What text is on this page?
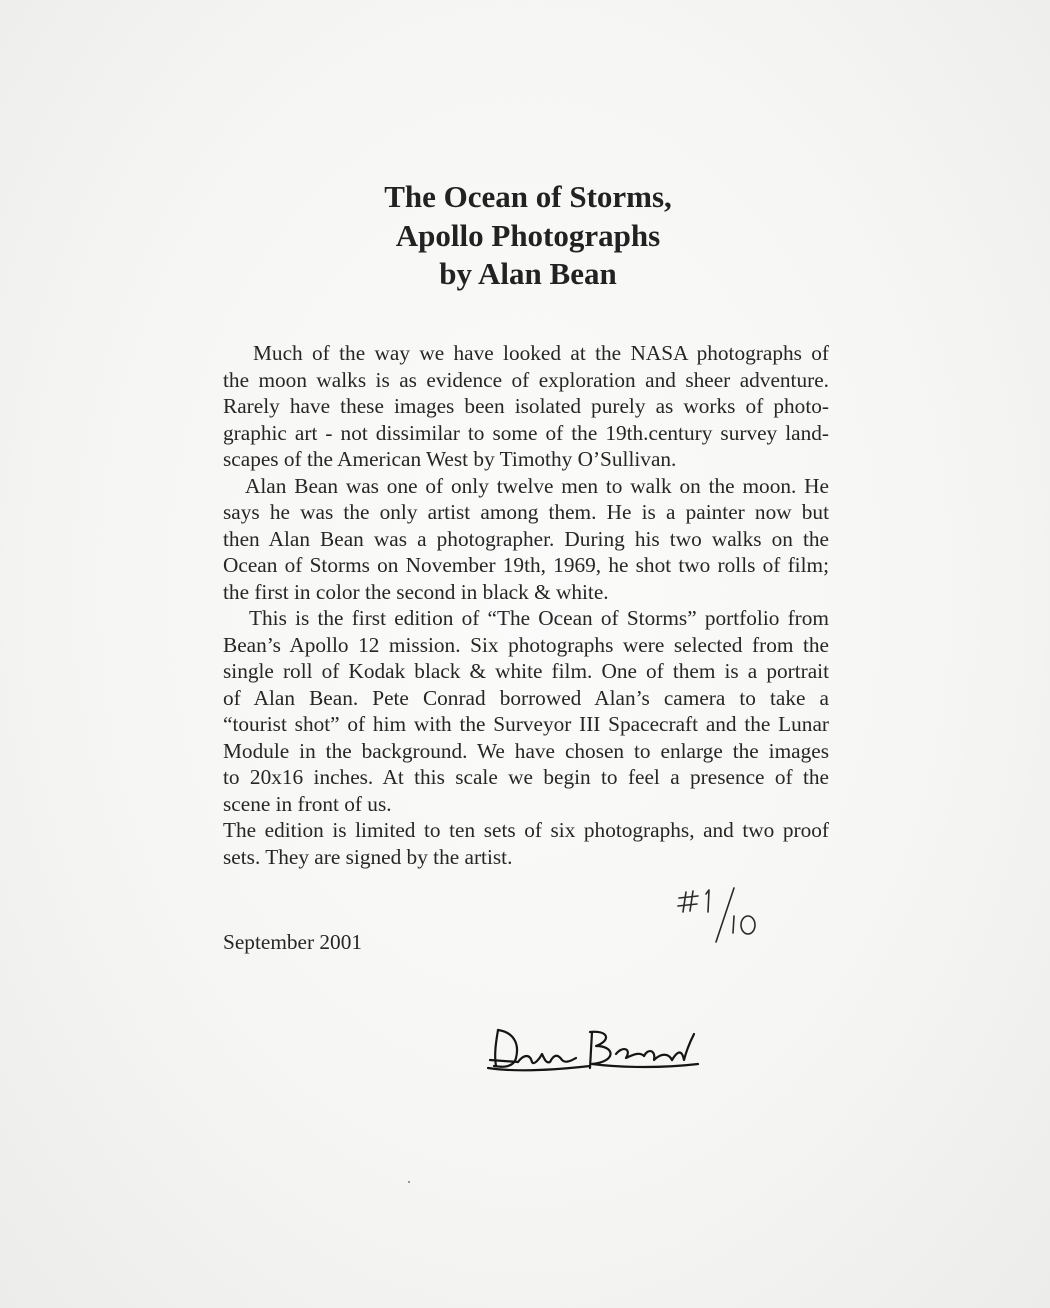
The Ocean of Storms,
Apollo Photographs
by Alan Bean
Much of the way we have looked at the NASA photographs of
the moon walks is as evidence of exploration and sheer adventure.
Rarely have these images been isolated purely as works of photo-
graphic art - not dissimilar to some of the 19th.century survey land-
scapes of the American West by Timothy O’Sullivan.
Alan Bean was one of only twelve men to walk on the moon. He
says he was the only artist among them. He is a painter now but
then Alan Bean was a photographer. During his two walks on the
Ocean of Storms on November 19th, 1969, he shot two rolls of film;
the first in color the second in black & white.
This is the first edition of “The Ocean of Storms” portfolio from
Bean’s Apollo 12 mission. Six photographs were selected from the
single roll of Kodak black & white film. One of them is a portrait
of Alan Bean. Pete Conrad borrowed Alan’s camera to take a
“tourist shot” of him with the Surveyor III Spacecraft and the Lunar
Module in the background. We have chosen to enlarge the images
to 20x16 inches. At this scale we begin to feel a presence of the
scene in front of us.
The edition is limited to ten sets of six photographs, and two proof
sets. They are signed by the artist.
September 2001
